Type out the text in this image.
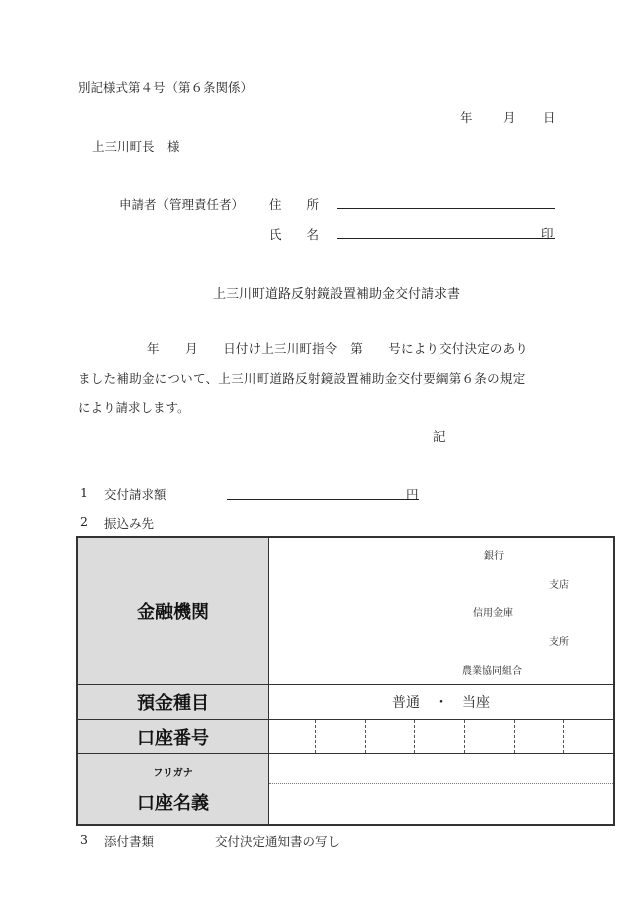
別記様式第４号（第６条関係）
年 月 日
上三川町長　様
申請者（管理責任者） 住　　所
氏　　名	印
上三川町道路反射鏡設置補助金交付請求書
年　　月　　日付け上三川町指令　第　　号により交付決定のあり
ました補助金について、上三川町道路反射鏡設置補助金交付要綱第６条の規定
により請求します。
記
1 交付請求額	円
2 振込み先
金融機関	銀行
支店
信用金庫
支所
農業協同組合

預金種目	普通　・　当座
口座番号	

フリガナ
口座名義	
3 添付書類	交付決定通知書の写し
